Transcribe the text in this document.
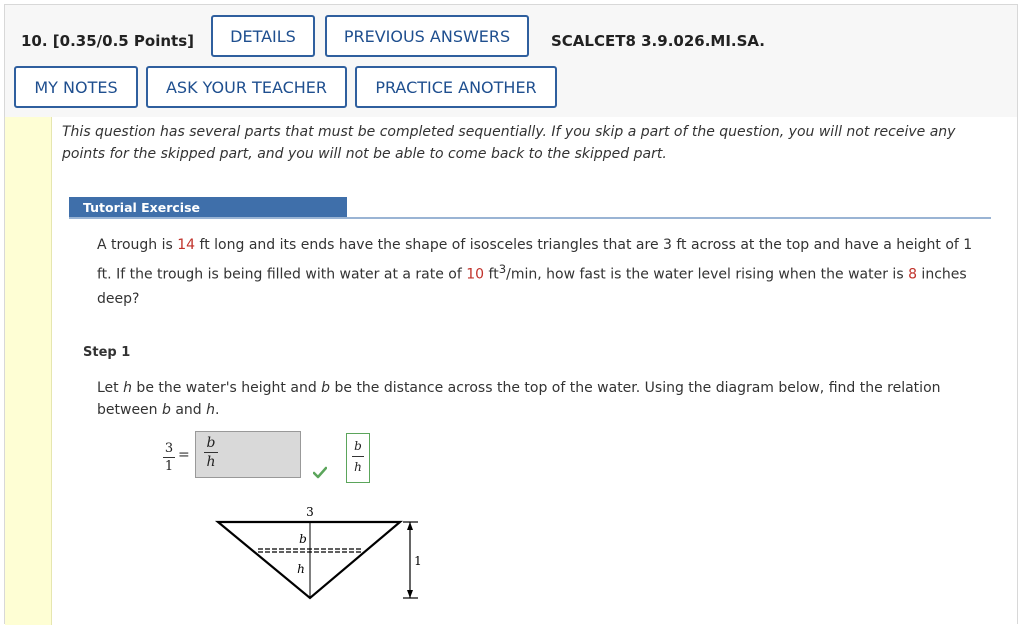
10. [0.35/0.5 Points]	DETAILS	PREVIOUS ANSWERS	SCALCET8 3.9.026.MI.SA.
MY NOTES	ASK YOUR TEACHER	PRACTICE ANOTHER
This question has several parts that must be completed sequentially. If you skip a part of the question, you will not receive any points for the skipped part, and you will not be able to come back to the skipped part.
Tutorial Exercise
A trough is 14 ft long and its ends have the shape of isosceles triangles that are 3 ft across at the top and have a height of 1 ft. If the trough is being filled with water at a rate of 10 $ft^3/\min$, how fast is the water level rising when the water is 8 inches deep?
Step 1
Let h be the water's height and b be the distance across the top of the water. Using the diagram below, find the relation between b and h.
3
1
=
b
h
b
h
3
b
h
1
